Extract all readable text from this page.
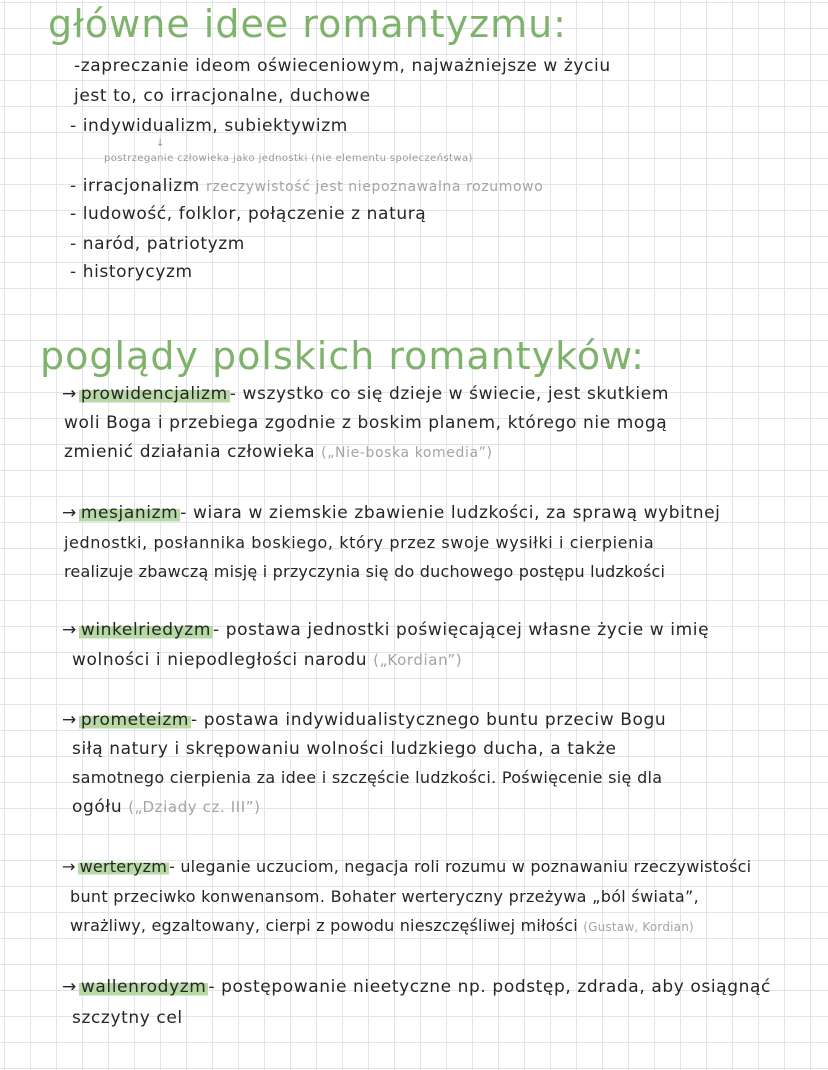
główne idee romantyzmu:

-zapreczanie ideom oświeceniowym, najważniejsze w życiu

jest to, co irracjonalne, duchowe

- indywidualizm, subiektywizm

↓
postrzeganie człowieka jako jednostki (nie elementu społeczeństwa)

- irracjonalizm rzeczywistość jest niepoznawalna rozumowo

- ludowość, folklor, połączenie z naturą

- naród, patriotyzm

- historycyzm

poglądy polskich romantyków:

→ prowidencjalizm - wszystko co się dzieje w świecie, jest skutkiem

woli Boga i przebiega zgodnie z boskim planem, którego nie mogą

zmienić działania człowieka („Nie-boska komedia”)

→ mesjanizm - wiara w ziemskie zbawienie ludzkości, za sprawą wybitnej

jednostki, posłannika boskiego, który przez swoje wysiłki i cierpienia

realizuje zbawczą misję i przyczynia się do duchowego postępu ludzkości

→ winkelriedyzm - postawa jednostki poświęcającej własne życie w imię

wolności i niepodległości narodu („Kordian”)

→ prometeizm - postawa indywidualistycznego buntu przeciw Bogu

siłą natury i skrępowaniu wolności ludzkiego ducha, a także

samotnego cierpienia za idee i szczęście ludzkości. Poświęcenie się dla

ogółu („Dziady cz. III”)

→ werteryzm - uleganie uczuciom, negacja roli rozumu w poznawaniu rzeczywistości

bunt przeciwko konwenansom. Bohater werteryczny przeżywa „ból świata”,

wrażliwy, egzaltowany, cierpi z powodu nieszczęśliwej miłości (Gustaw, Kordian)

→ wallenrodyzm - postępowanie nieetyczne np. podstęp, zdrada, aby osiągnąć

szczytny cel
